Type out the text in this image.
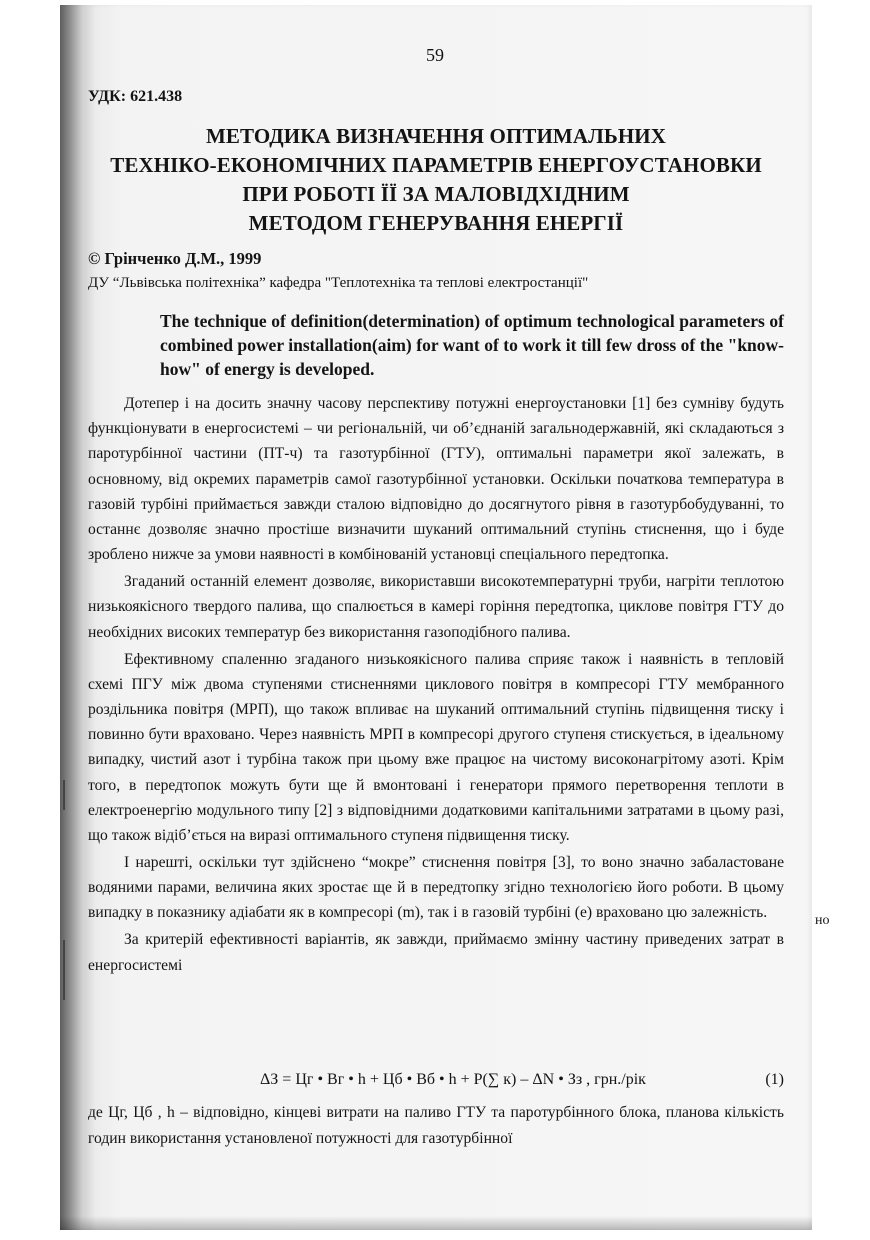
59
УДК: 621.438
МЕТОДИКА ВИЗНАЧЕННЯ ОПТИМАЛЬНИХ
ТЕХНІКО-ЕКОНОМІЧНИХ ПАРАМЕТРІВ ЕНЕРГОУСТАНОВКИ
ПРИ РОБОТІ ЇЇ ЗА МАЛОВІДХІДНИМ
МЕТОДОМ ГЕНЕРУВАННЯ ЕНЕРГІЇ
© Грінченко Д.М., 1999
ДУ “Львівська політехніка” кафедра "Теплотехніка та теплові електростанції"
The technique of definition(determination) of optimum technological parameters of combined power installation(aim) for want of to work it till few dross of the "know-how" of energy is developed.

Дотепер і на досить значну часову перспективу потужні енергоустановки [1] без сумніву будуть функціонувати в енергосистемі – чи регіональній, чи об’єднаній загальнодержавній, які складаються з паротурбінної частини (ПТ-ч) та газотурбінної (ГТУ), оптимальні параметри якої залежать, в основному, від окремих параметрів самої газотурбінної установки. Оскільки початкова температура в газовій турбіні приймається завжди сталою відповідно до досягнутого рівня в газотурбобудуванні, то останнє дозволяє значно простіше визначити шуканий оптимальний ступінь стиснення, що і буде зроблено нижче за умови наявності в комбінованій установці спеціального передтопка.

Згаданий останній елемент дозволяє, використавши високотемпературні труби, нагріти теплотою низькоякісного твердого палива, що спалюється в камері горіння передтопка, циклове повітря ГТУ до необхідних високих температур без використання газоподібного палива.

Ефективному спаленню згаданого низькоякісного палива сприяє також і наявність в тепловій схемі ПГУ між двома ступенями стисненнями циклового повітря в компресорі ГТУ мембранного роздільника повітря (МРП), що також впливає на шуканий оптимальний ступінь підвищення тиску і повинно бути враховано. Через наявність МРП в компресорі другого ступеня стискується, в ідеальному випадку, чистий азот і турбіна також при цьому вже працює на чистому високонагрітому азоті. Крім того, в передтопок можуть бути ще й вмонтовані і генератори прямого перетворення теплоти в електроенергію модульного типу [2] з відповідними додатковими капітальними затратами в цьому разі, що також відіб’ється на виразі оптимального ступеня підвищення тиску.

І нарешті, оскільки тут здійснено “мокре” стиснення повітря [3], то воно значно забаластоване водяними парами, величина яких зростає ще й в передтопку згідно технологією його роботи. В цьому випадку в показнику адіабати як в компресорі (m), так і в газовій турбіні (e) враховано цю залежність.

За критерій ефективності варіантів, як завжди, приймаємо змінну частину приведених затрат в енергосистемі

ΔЗ = Цг • Вг • h + Цб • Вб • h + P(∑ к) – ΔN • Зз , грн./рік	(1)

де Цг, Цб , h – відповідно, кінцеві витрати на паливо ГТУ та паротурбінного блока, планова кількість годин використання установленої потужності для газотурбінної

но
